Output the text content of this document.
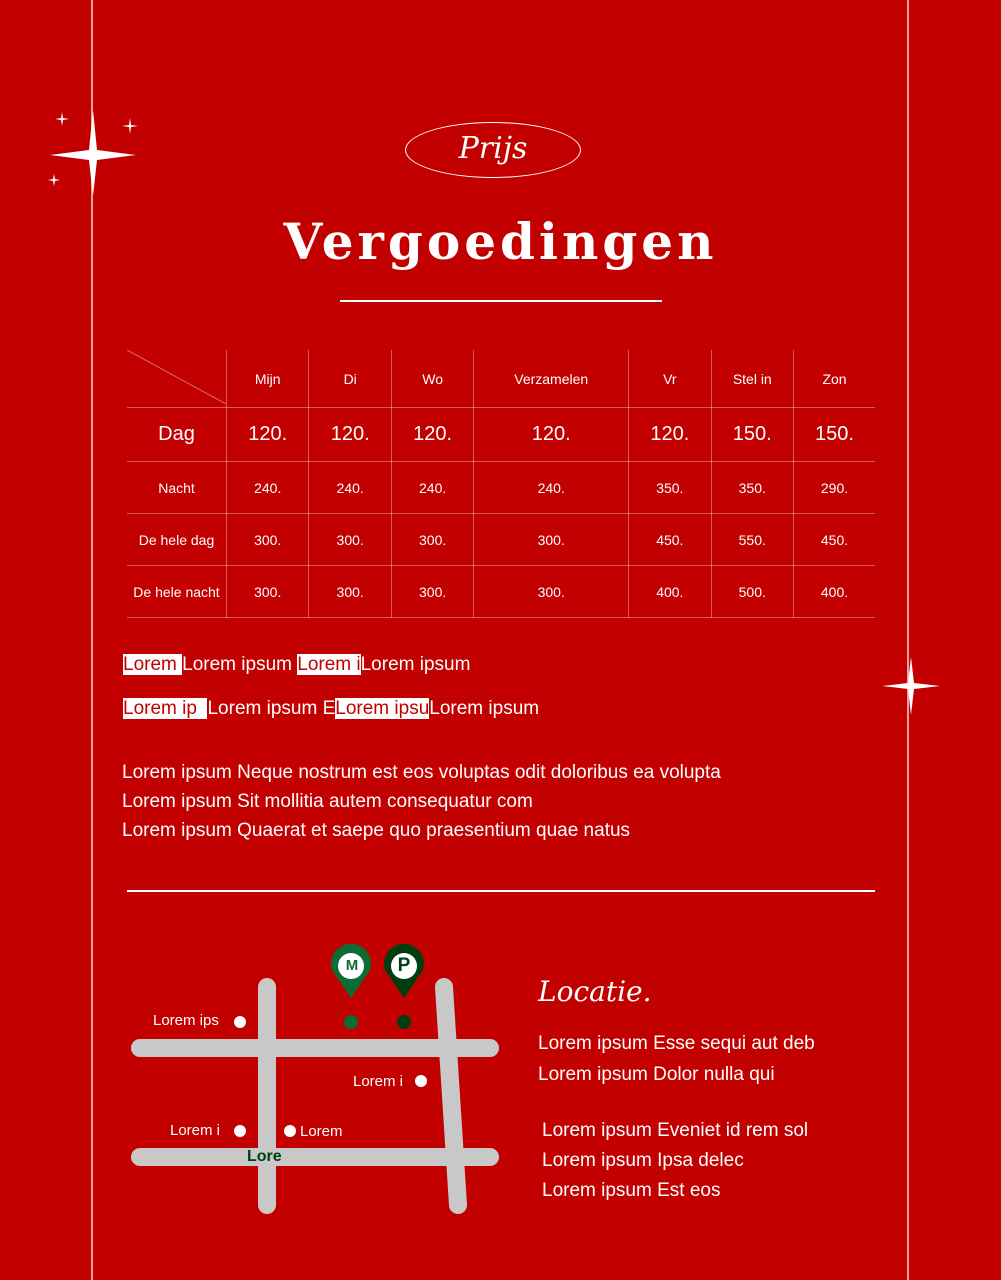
Prijs
Vergoedingen
	Mijn	Di	Wo	Verzamelen	Vr	Stel in	Zon
Dag	120.	120.	120.	120.	120.	150.	150.
Nacht	240.	240.	240.	240.	350.	350.	290.
De hele dag	300.	300.	300.	300.	450.	550.	450.
De hele nacht	300.	300.	300.	300.	400.	500.	400.
Lorem Lorem ipsum Lorem iLorem ipsum
Lorem ip  Lorem ipsum ELorem ipsuLorem ipsum
Lorem ipsum Neque nostrum est eos voluptas odit doloribus ea volupta
Lorem ipsum Sit mollitia autem consequatur com
Lorem ipsum Quaerat et saepe quo praesentium quae natus
M P
Lorem ips
Lorem i
Lorem i	Lorem
Lore
Locatie.
Lorem ipsum Esse sequi aut deb
Lorem ipsum Dolor nulla qui
Lorem ipsum Eveniet id rem sol
Lorem ipsum Ipsa delec
Lorem ipsum Est eos
